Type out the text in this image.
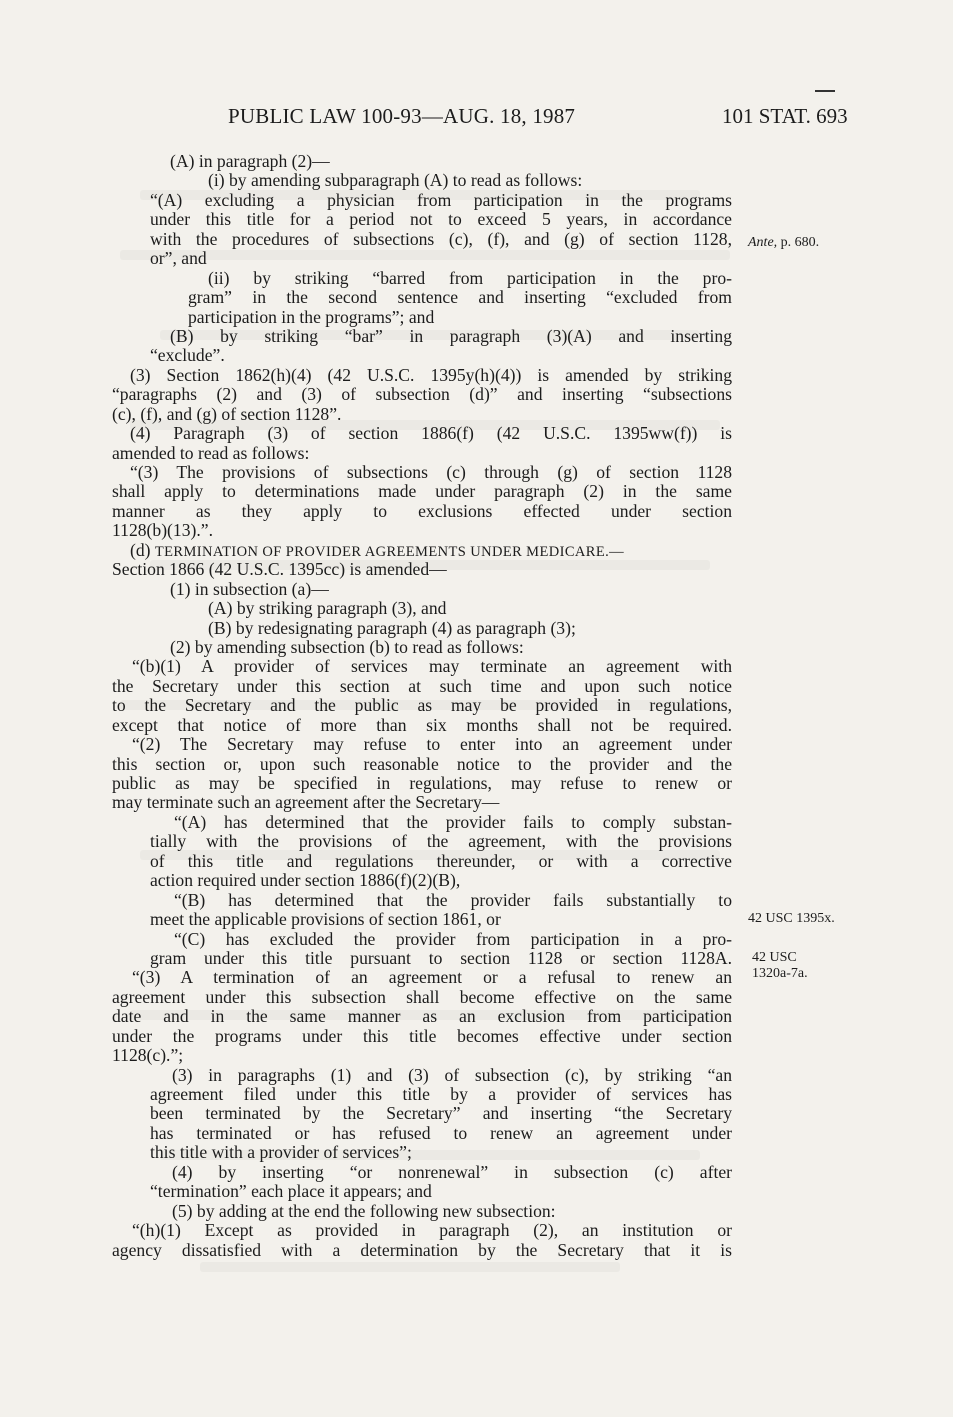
PUBLIC LAW 100-93—AUG. 18, 1987	101 STAT. 693
(A) in paragraph (2)—
(i) by amending subparagraph (A) to read as follows:
“(A) excluding a physician from participation in the programs
under this title for a period not to exceed 5 years, in accordance
with the procedures of subsections (c), (f), and (g) of section 1128,
or”, and
(ii) by striking “barred from participation in the pro-
gram” in the second sentence and inserting “excluded from
participation in the programs”; and
(B) by striking “bar” in paragraph (3)(A) and inserting
“exclude”.
(3) Section 1862(h)(4) (42 U.S.C. 1395y(h)(4)) is amended by striking
“paragraphs (2) and (3) of subsection (d)” and inserting “subsections
(c), (f), and (g) of section 1128”.
(4) Paragraph (3) of section 1886(f) (42 U.S.C. 1395ww(f)) is
amended to read as follows:
“(3) The provisions of subsections (c) through (g) of section 1128
shall apply to determinations made under paragraph (2) in the same
manner as they apply to exclusions effected under section
1128(b)(13).”.
(d) TERMINATION OF PROVIDER AGREEMENTS UNDER MEDICARE.—
Section 1866 (42 U.S.C. 1395cc) is amended—
(1) in subsection (a)—
(A) by striking paragraph (3), and
(B) by redesignating paragraph (4) as paragraph (3);
(2) by amending subsection (b) to read as follows:
“(b)(1) A provider of services may terminate an agreement with
the Secretary under this section at such time and upon such notice
to the Secretary and the public as may be provided in regulations,
except that notice of more than six months shall not be required.
“(2) The Secretary may refuse to enter into an agreement under
this section or, upon such reasonable notice to the provider and the
public as may be specified in regulations, may refuse to renew or
may terminate such an agreement after the Secretary—
“(A) has determined that the provider fails to comply substan-
tially with the provisions of the agreement, with the provisions
of this title and regulations thereunder, or with a corrective
action required under section 1886(f)(2)(B),
“(B) has determined that the provider fails substantially to
meet the applicable provisions of section 1861, or
“(C) has excluded the provider from participation in a pro-
gram under this title pursuant to section 1128 or section 1128A.
“(3) A termination of an agreement or a refusal to renew an
agreement under this subsection shall become effective on the same
date and in the same manner as an exclusion from participation
under the programs under this title becomes effective under section
1128(c).”;
(3) in paragraphs (1) and (3) of subsection (c), by striking “an
agreement filed under this title by a provider of services has
been terminated by the Secretary” and inserting “the Secretary
has terminated or has refused to renew an agreement under
this title with a provider of services”;
(4) by inserting “or nonrenewal” in subsection (c) after
“termination” each place it appears; and
(5) by adding at the end the following new subsection:
“(h)(1) Except as provided in paragraph (2), an institution or
agency dissatisfied with a determination by the Secretary that it is
Ante, p. 680.
42 USC 1395x.
42 USC
1320a-7a.
